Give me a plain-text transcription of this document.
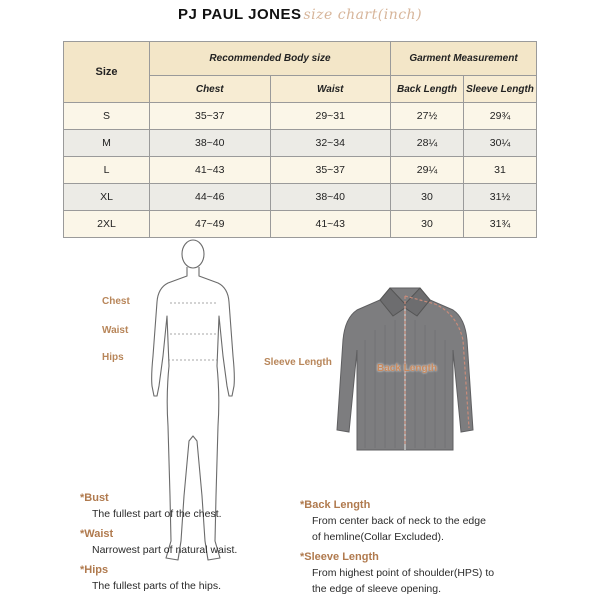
PJ PAUL JONES size chart(inch)
Size	Recommended Body size		Garment Measurement	
	Chest	Waist	Back Length	Sleeve Length
S	35~37	29~31	27½	29¾
M	38~40	32~34	28¼	30¼
L	41~43	35~37	29¼	31
XL	44~46	38~40	30	31½
2XL	47~49	41~43	30	31¾
Chest
Waist
Hips	Sleeve Length
Back Length
*Bust
The fullest part of the chest.
*Waist
Narrowest part of natural waist.
*Hips
The fullest parts of the hips.
*Back Length
From center back of neck to the edge
of hemline(Collar Excluded).
*Sleeve Length
From highest point of shoulder(HPS) to
the edge of sleeve opening.
